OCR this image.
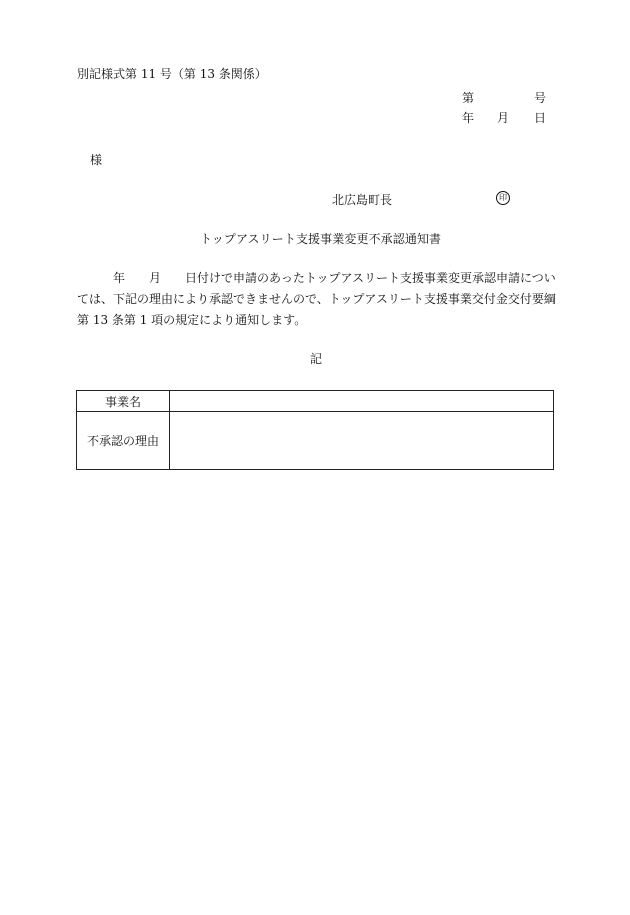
別記様式第 11 号（第 13 条関係）
第	号
年 月 日
様
北広島町長	印
トップアスリート支援事業変更不承認通知書
　　　年　　月　　日付けで申請のあったトップアスリート支援事業変更承認申請につい
ては、下記の理由により承認できませんので、トップアスリート支援事業交付金交付要綱
第 13 条第 1 項の規定により通知します。
記
事業名	
不承認の理由	
